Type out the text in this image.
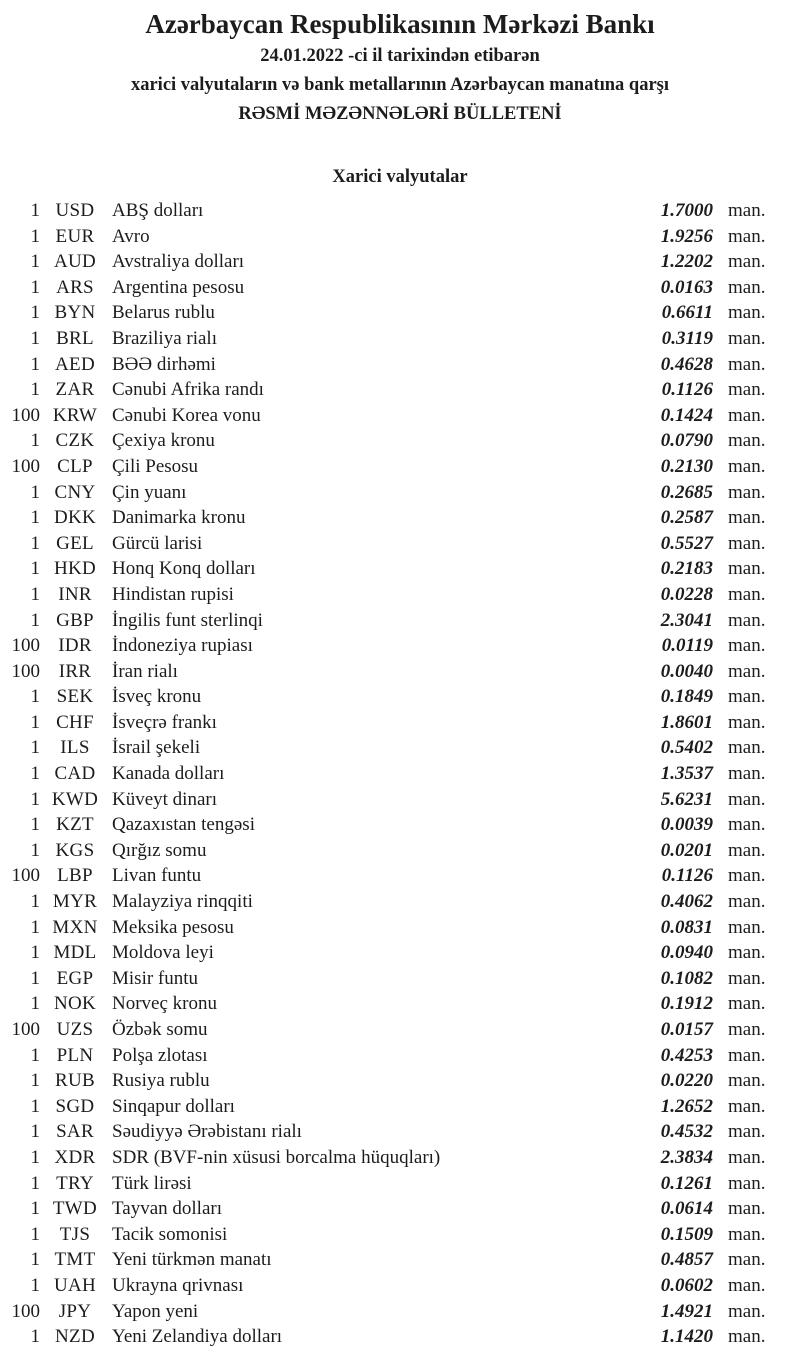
Azərbaycan Respublikasının Mərkəzi Bankı

24.01.2022 -ci il tarixindən etibarən

xarici valyutaların və bank metallarının Azərbaycan manatına qarşı

RƏSMİ MƏZƏNNƏLƏRİ BÜLLETENİ

Xarici valyutalar
1 USD ABŞ dolları	1.7000 man.
1 EUR Avro	1.9256 man.
1 AUD Avstraliya dolları	1.2202 man.
1 ARS Argentina pesosu	0.0163 man.
1 BYN Belarus rublu	0.6611 man.
1 BRL Braziliya rialı	0.3119 man.
1 AED BƏƏ dirhəmi	0.4628 man.
1 ZAR Cənubi Afrika randı	0.1126 man.
100 KRW Cənubi Korea vonu	0.1424 man.
1 CZK Çexiya kronu	0.0790 man.
100 CLP	Çili Pesosu	0.2130 man.
1 CNY Çin yuanı	0.2685 man.
1 DKK Danimarka kronu	0.2587 man.
1 GEL Gürcü larisi	0.5527 man.
1 HKD Honq Konq dolları	0.2183 man.
1 INR	Hindistan rupisi	0.0228 man.
1 GBP İngilis funt sterlinqi	2.3041 man.
100 IDR	İndoneziya rupiası	0.0119 man.
100 IRR	İran rialı	0.0040 man.
1 SEK İsveç kronu	0.1849 man.
1 CHF İsveçrə frankı	1.8601 man.
1	ILS	İsrail şekeli	0.5402 man.
1 CAD Kanada dolları	1.3537 man.
1 KWD Küveyt dinarı	5.6231 man.
1 KZT Qazaxıstan tengəsi	0.0039 man.
1 KGS Qırğız somu	0.0201 man.
100 LBP	Livan funtu	0.1126 man.
1 MYR Malayziya rinqqiti	0.4062 man.
1 MXN Meksika pesosu	0.0831 man.
1 MDL Moldova leyi	0.0940 man.
1 EGP Misir funtu	0.1082 man.
1 NOK Norveç kronu	0.1912 man.
100 UZS Özbək somu	0.0157 man.
1 PLN Polşa zlotası	0.4253 man.
1 RUB Rusiya rublu	0.0220 man.
1 SGD Sinqapur dolları	1.2652 man.
1 SAR Səudiyyə Ərəbistanı rialı	0.4532 man.
1 XDR SDR (BVF-nin xüsusi borcalma hüquqları)	2.3834 man.
1 TRY Türk lirəsi	0.1261 man.
1 TWD Tayvan dolları	0.0614 man.
1	TJS	Tacik somonisi	0.1509 man.
1 TMT Yeni türkmən manatı	0.4857 man.
1 UAH Ukrayna qrivnası	0.0602 man.
100 JPY	Yapon yeni	1.4921 man.
1 NZD Yeni Zelandiya dolları	1.1420 man.
